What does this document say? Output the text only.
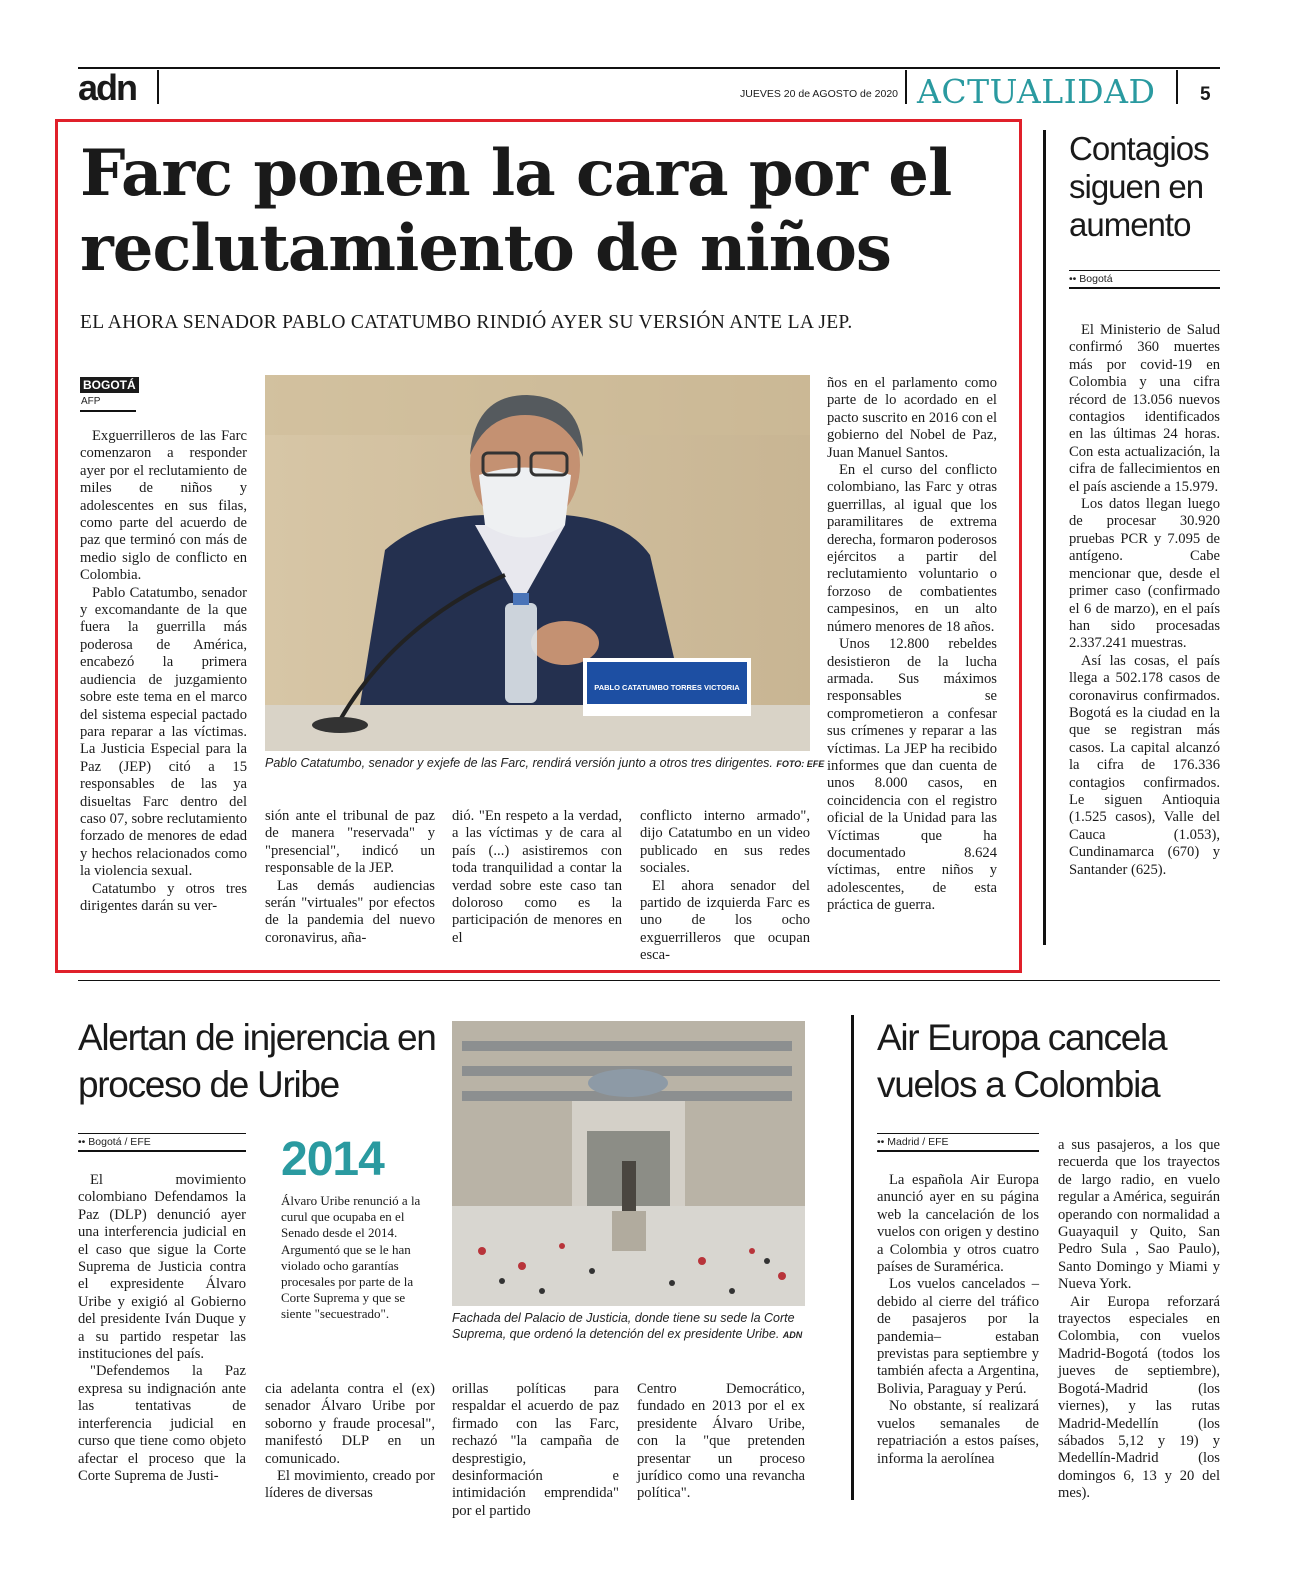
adn	JUEVES 20 de AGOSTO de 2020 ACTUALIDAD 5
Farc ponen la cara por el reclutamiento de niños
EL AHORA SENADOR PABLO CATATUMBO RINDIÓ AYER SU VERSIÓN ANTE LA JEP.
BOGOTÁ
AFP

Exguerrilleros de las Farc comenzaron a responder ayer por el reclutamiento de miles de niños y adolescentes en sus filas, como parte del acuerdo de paz que terminó con más de medio siglo de conflicto en Colombia.

Pablo Catatumbo, senador y excomandante de la que fuera la guerrilla más poderosa de América, encabezó la primera audiencia de juzgamiento sobre este tema en el marco del sistema especial pactado para reparar a las víctimas. La Justicia Especial para la Paz (JEP) citó a 15 responsables de las ya disueltas Farc dentro del caso 07, sobre reclutamiento forzado de menores de edad y hechos relacionados como la violencia sexual.

Catatumbo y otros tres dirigentes darán su ver-

PABLO CATATUMBO TORRES VICTORIA
Pablo Catatumbo, senador y exjefe de las Farc, rendirá versión junto a otros tres dirigentes. FOTO: EFE

sión ante el tribunal de paz de manera "reservada" y "presencial", indicó un responsable de la JEP.

Las demás audiencias serán "virtuales" por efectos de la pandemia del nuevo coronavirus, aña-

dió. "En respeto a la verdad, a las víctimas y de cara al país (...) asistiremos con toda tranquilidad a contar la verdad sobre este caso tan doloroso como es la participación de menores en el

conflicto interno armado", dijo Catatumbo en un video publicado en sus redes sociales.

El ahora senador del partido de izquierda Farc es uno de los ocho exguerrilleros que ocupan esca-

ños en el parlamento como parte de lo acordado en el pacto suscrito en 2016 con el gobierno del Nobel de Paz, Juan Manuel Santos.

En el curso del conflicto colombiano, las Farc y otras guerrillas, al igual que los paramilitares de extrema derecha, formaron poderosos ejércitos a partir del reclutamiento voluntario o forzoso de combatientes campesinos, en un alto número menores de 18 años.

Unos 12.800 rebeldes desistieron de la lucha armada. Sus máximos responsables se comprometieron a confesar sus crímenes y reparar a las víctimas. La JEP ha recibido informes que dan cuenta de unos 8.000 casos, en coincidencia con el registro oficial de la Unidad para las Víctimas que ha documentado 8.624 víctimas, entre niños y adolescentes, de esta práctica de guerra.

Contagios siguen en aumento
•• Bogotá

El Ministerio de Salud confirmó 360 muertes más por covid-19 en Colombia y una cifra récord de 13.056 nuevos contagios identificados en las últimas 24 horas. Con esta actualización, la cifra de fallecimientos en el país asciende a 15.979.

Los datos llegan luego de procesar 30.920 pruebas PCR y 7.095 de antígeno. Cabe mencionar que, desde el primer caso (confirmado el 6 de marzo), en el país han sido procesadas 2.337.241 muestras.

Así las cosas, el país llega a 502.178 casos de coronavirus confirmados. Bogotá es la ciudad en la que se registran más casos. La capital alcanzó la cifra de 176.336 contagios confirmados. Le siguen Antioquia (1.525 casos), Valle del Cauca (1.053), Cundinamarca (670) y Santander (625).

Alertan de injerencia en proceso de Uribe
•• Bogotá / EFE

El movimiento colombiano Defendamos la Paz (DLP) denunció ayer una interferencia judicial en el caso que sigue la Corte Suprema de Justicia contra el expresidente Álvaro Uribe y exigió al Gobierno del presidente Iván Duque y a su partido respetar las instituciones del país.

"Defendemos la Paz expresa su indignación ante las tentativas de interferencia judicial en curso que tiene como objeto afectar el proceso que la Corte Suprema de Justi-

2014
Álvaro Uribe renunció a la curul que ocupaba en el Senado desde el 2014. Argumentó que se le han violado ocho garantías procesales por parte de la Corte Suprema y que se siente "secuestrado".	Fachada del Palacio de Justicia, donde tiene su sede la Corte Suprema, que ordenó la detención del ex presidente Uribe. ADN

cia adelanta contra el (ex) senador Álvaro Uribe por soborno y fraude procesal", manifestó DLP en un comunicado.

El movimiento, creado por líderes de diversas

orillas políticas para respaldar el acuerdo de paz firmado con las Farc, rechazó "la campaña de desprestigio, desinformación e intimidación emprendida" por el partido

Centro Democrático, fundado en 2013 por el ex presidente Álvaro Uribe, con la "que pretenden presentar un proceso jurídico como una revancha política".

Air Europa cancela vuelos a Colombia
•• Madrid / EFE

La española Air Europa anunció ayer en su página web la cancelación de los vuelos con origen y destino a Colombia y otros cuatro países de Suramérica.

Los vuelos cancelados –debido al cierre del tráfico de pasajeros por la pandemia– estaban previstas para septiembre y también afecta a Argentina, Bolivia, Paraguay y Perú.

No obstante, sí realizará vuelos semanales de repatriación a estos países, informa la aerolínea

a sus pasajeros, a los que recuerda que los trayectos de largo radio, en vuelo regular a América, seguirán operando con normalidad a Guayaquil y Quito, San Pedro Sula , Sao Paulo), Santo Domingo y Miami y Nueva York.

Air Europa reforzará trayectos especiales en Colombia, con vuelos Madrid-Bogotá (todos los jueves de septiembre), Bogotá-Madrid (los viernes), y las rutas Madrid-Medellín (los sábados 5,12 y 19) y Medellín-Madrid (los domingos 6, 13 y 20 del mes).
